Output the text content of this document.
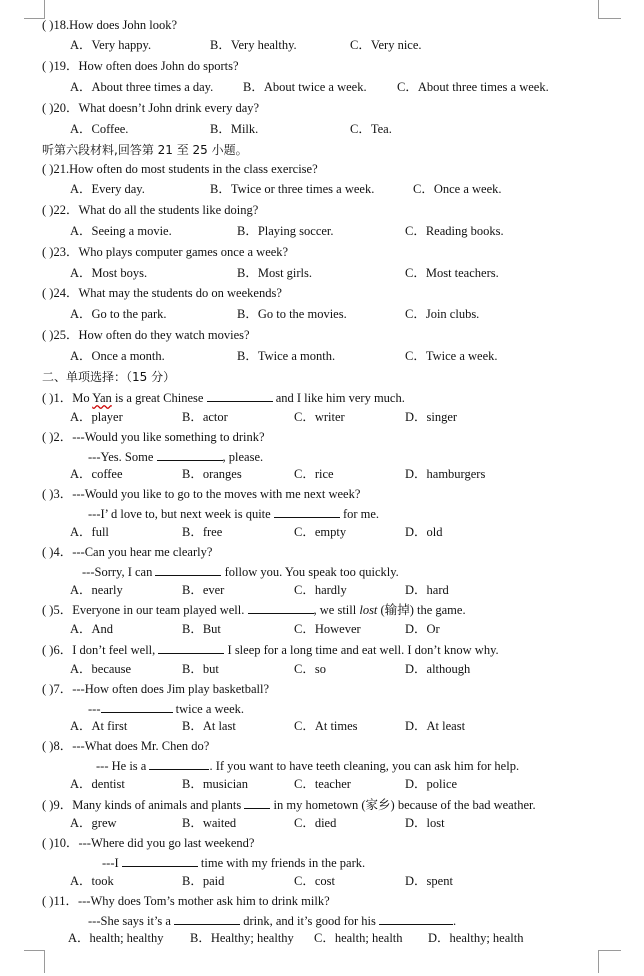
( )18.How does John look?
A．Very happy.	B．Very healthy.	C．Very nice.
( )19．How often does John do sports?
A．About three times a day. B．About twice a week. C．About three times a week.
( )20．What doesn’t John drink every day?
A．Coffee.	B．Milk.	C．Tea.
听第六段材料,回答第 21 至 25 小题。
( )21.How often do most students in the class exercise?
A．Every day.	B．Twice or three times a week.	C．Once a week.
( )22．What do all the students like doing?
A．Seeing a movie.	B．Playing soccer.	C．Reading books.
( )23．Who plays computer games once a week?
A．Most boys.	B．Most girls.	C．Most teachers.
( )24．What may the students do on weekends?
A．Go to the park.	B．Go to the movies.	C．Join clubs.
( )25．How often do they watch movies?
A．Once a month.	B．Twice a month.	C．Twice a week.
二、单项选择：（15 分）
( )1．Mo Yan is a great Chinese	and I like him very much.
A．player	B．actor	C．writer	D．singer
( )2．---Would you like something to drink?
---Yes. Some	, please.
A．coffee	B．oranges	C．rice	D．hamburgers
( )3．---Would you like to go to the moves with me next week?
---I’ d love to, but next week is quite	for me.
A．full	B．free	C．empty	D．old
( )4．---Can you hear me clearly?
---Sorry, I can	follow you. You speak too quickly.
A．nearly	B．ever	C．hardly	D．hard
( )5．Everyone in our team played well.	, we still lost (输掉) the game.
A．And	B．But	C．However	D．Or
( )6．I don’t feel well,	I sleep for a long time and eat well. I don’t know why.
A．because	B．but	C．so	D．although
( )7．---How often does Jim play basketball?
---	twice a week.
A．At first	B．At last	C．At times	D．At least
( )8．---What does Mr. Chen do?
--- He is a	. If you want to have teeth cleaning, you can ask him for help.
A．dentist	B．musician	C．teacher	D．police
( )9．Many kinds of animals and plants  in my hometown (家乡) because of the bad weather.
A．grew	B．waited	C．died	D．lost
( )10．---Where did you go last weekend?
---I	time with my friends in the park.
A．took	B．paid	C．cost	D．spent
( )11．---Why does Tom’s mother ask him to drink milk?
---She says it’s a	drink, and it’s good for his	.
A．health; healthy B．Healthy; healthy C．health; health D．healthy; health
